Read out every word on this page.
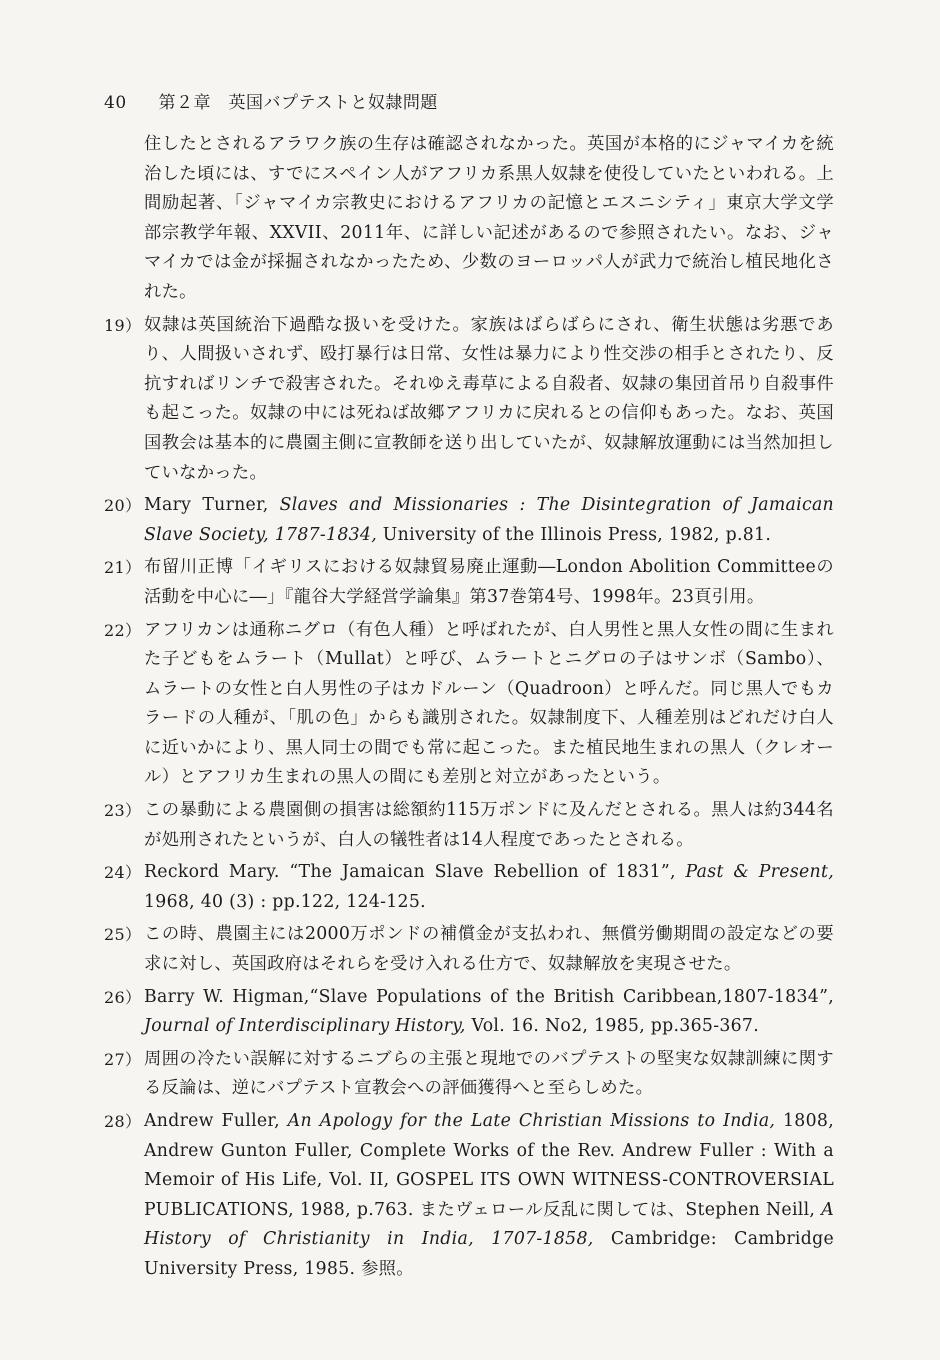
40 第２章　英国バプテストと奴隷問題
住したとされるアラワク族の生存は確認されなかった。英国が本格的にジャマイカを統治した頃には、すでにスペイン人がアフリカ系黒人奴隷を使役していたといわれる。上間励起著、「ジャマイカ宗教史におけるアフリカの記憶とエスニシティ」東京大学文学部宗教学年報、XXVII、2011年、に詳しい記述があるので参照されたい。なお、ジャマイカでは金が採掘されなかったため、少数のヨーロッパ人が武力で統治し植民地化された。
19） 奴隷は英国統治下過酷な扱いを受けた。家族はばらばらにされ、衛生状態は劣悪であり、人間扱いされず、殴打暴行は日常、女性は暴力により性交渉の相手とされたり、反抗すればリンチで殺害された。それゆえ毒草による自殺者、奴隷の集団首吊り自殺事件も起こった。奴隷の中には死ねば故郷アフリカに戻れるとの信仰もあった。なお、英国国教会は基本的に農園主側に宣教師を送り出していたが、奴隷解放運動には当然加担していなかった。
20） Mary Turner, Slaves and Missionaries : The Disintegration of Jamaican Slave Society, 1787-1834, University of the Illinois Press, 1982, p.81.
21） 布留川正博「イギリスにおける奴隷貿易廃止運動―London Abolition Committeeの活動を中心に―」『龍谷大学経営学論集』第37巻第4号、1998年。23頁引用。
22） アフリカンは通称ニグロ（有色人種）と呼ばれたが、白人男性と黒人女性の間に生まれた子どもをムラート（Mullat）と呼び、ムラートとニグロの子はサンボ（Sambo）、ムラートの女性と白人男性の子はカドルーン（Quadroon）と呼んだ。同じ黒人でもカラードの人種が、「肌の色」からも識別された。奴隷制度下、人種差別はどれだけ白人に近いかにより、黒人同士の間でも常に起こった。また植民地生まれの黒人（クレオール）とアフリカ生まれの黒人の間にも差別と対立があったという。
23） この暴動による農園側の損害は総額約115万ポンドに及んだとされる。黒人は約344名が処刑されたというが、白人の犠牲者は14人程度であったとされる。
24） Reckord Mary. “The Jamaican Slave Rebellion of 1831”, Past & Present, 1968, 40 (3) : pp.122, 124-125.
25） この時、農園主には2000万ポンドの補償金が支払われ、無償労働期間の設定などの要求に対し、英国政府はそれらを受け入れる仕方で、奴隷解放を実現させた。
26） Barry W. Higman,“Slave Populations of the British Caribbean,1807-1834”, Journal of Interdisciplinary History, Vol. 16. No2, 1985, pp.365-367.
27） 周囲の冷たい誤解に対するニブらの主張と現地でのバプテストの堅実な奴隷訓練に関する反論は、逆にバプテスト宣教会への評価獲得へと至らしめた。
28） Andrew Fuller, An Apology for the Late Christian Missions to India, 1808, Andrew Gunton Fuller, Complete Works of the Rev. Andrew Fuller : With a Memoir of His Life, Vol. II, GOSPEL ITS OWN WITNESS-CONTROVERSIAL PUBLICATIONS, 1988, p.763. またヴェロール反乱に関しては、Stephen Neill, A History of Christianity in India, 1707-1858, Cambridge: Cambridge University Press, 1985. 参照。
